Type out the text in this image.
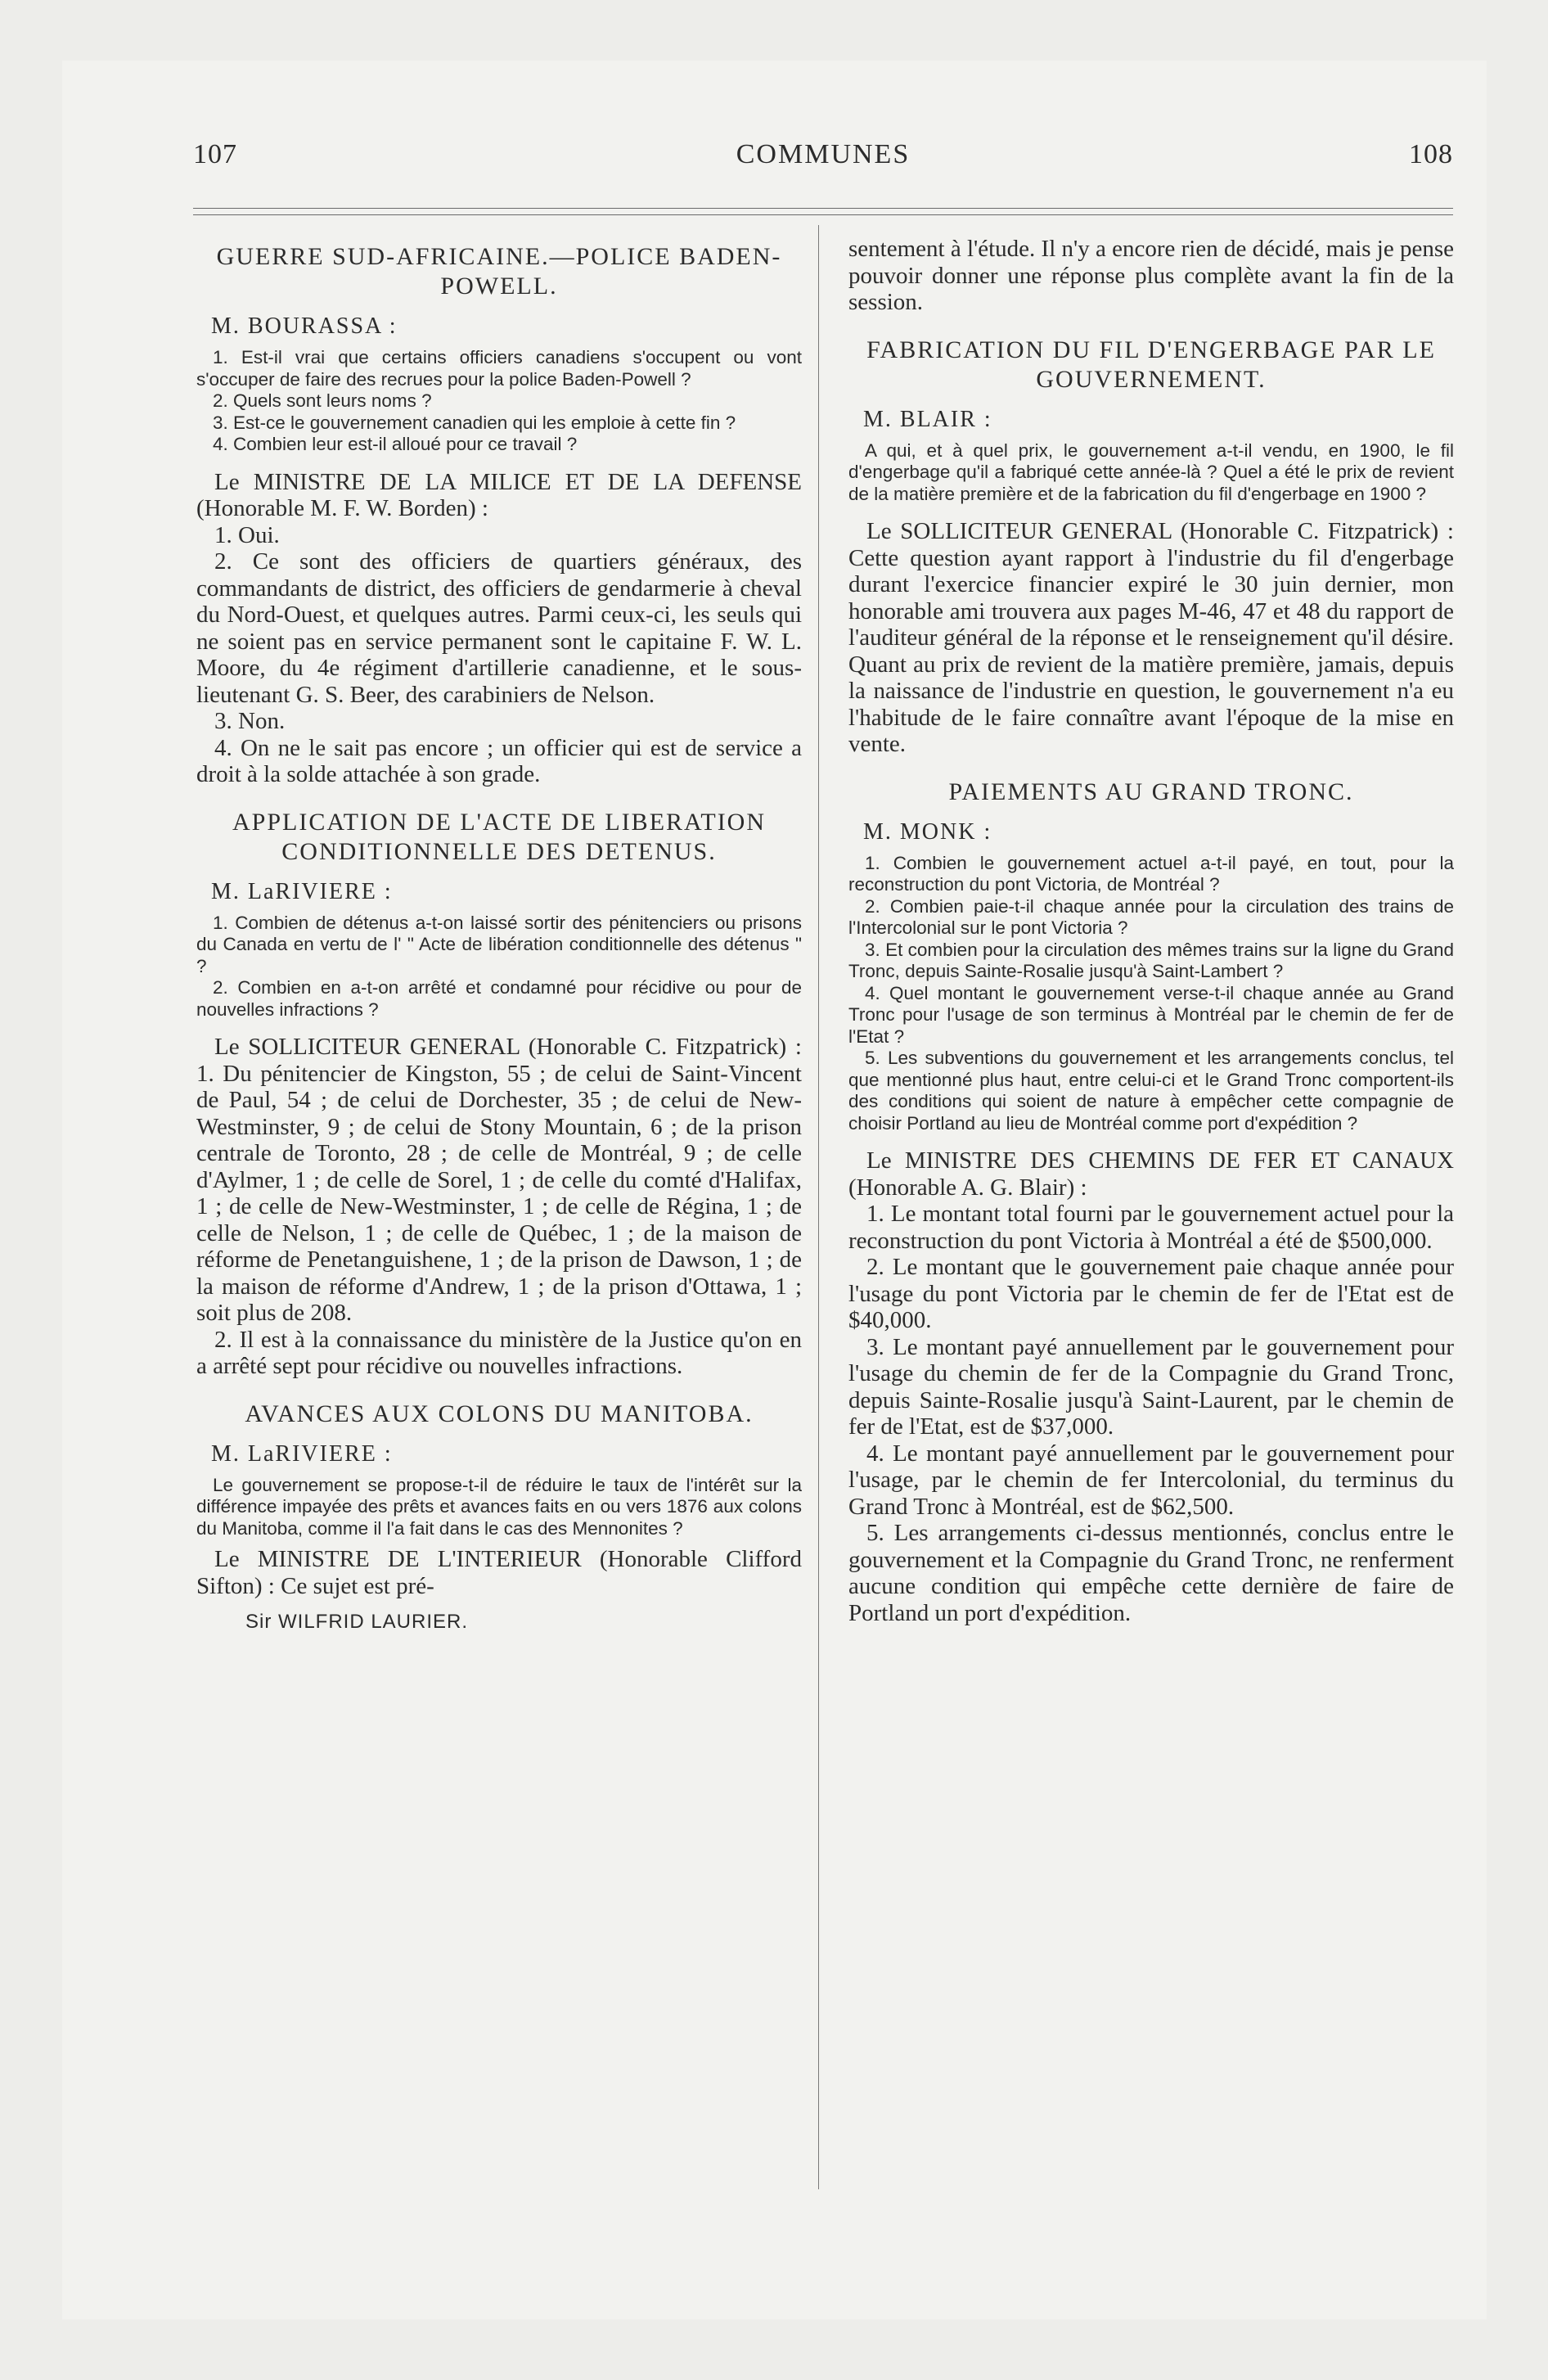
107	COMMUNES	108
GUERRE SUD-AFRICAINE.—POLICE BADEN-POWELL.
M. BOURASSA :

1. Est-il vrai que certains officiers canadiens s'occupent ou vont s'occuper de faire des recrues pour la police Baden-Powell ?

2. Quels sont leurs noms ?

3. Est-ce le gouvernement canadien qui les emploie à cette fin ?

4. Combien leur est-il alloué pour ce travail ?

Le MINISTRE DE LA MILICE ET DE LA DEFENSE (Honorable M. F. W. Borden) :

1. Oui.

2. Ce sont des officiers de quartiers généraux, des commandants de district, des officiers de gendarmerie à cheval du Nord-Ouest, et quelques autres. Parmi ceux-ci, les seuls qui ne soient pas en service permanent sont le capitaine F. W. L. Moore, du 4e régiment d'artillerie canadienne, et le sous-lieutenant G. S. Beer, des carabiniers de Nelson.

3. Non.

4. On ne le sait pas encore ; un officier qui est de service a droit à la solde attachée à son grade.

APPLICATION DE L'ACTE DE LIBERATION CONDITIONNELLE DES DETENUS.
M. LaRIVIERE :

1. Combien de détenus a-t-on laissé sortir des pénitenciers ou prisons du Canada en vertu de l' " Acte de libération conditionnelle des détenus " ?

2. Combien en a-t-on arrêté et condamné pour récidive ou pour de nouvelles infractions ?

Le SOLLICITEUR GENERAL (Honorable C. Fitzpatrick) : 1. Du pénitencier de Kingston, 55 ; de celui de Saint-Vincent de Paul, 54 ; de celui de Dorchester, 35 ; de celui de New-Westminster, 9 ; de celui de Stony Mountain, 6 ; de la prison centrale de Toronto, 28 ; de celle de Montréal, 9 ; de celle d'Aylmer, 1 ; de celle de Sorel, 1 ; de celle du comté d'Halifax, 1 ; de celle de New-Westminster, 1 ; de celle de Régina, 1 ; de celle de Nelson, 1 ; de celle de Québec, 1 ; de la maison de réforme de Penetanguishene, 1 ; de la prison de Dawson, 1 ; de la maison de réforme d'Andrew, 1 ; de la prison d'Ottawa, 1 ; soit plus de 208.

2. Il est à la connaissance du ministère de la Justice qu'on en a arrêté sept pour récidive ou nouvelles infractions.

AVANCES AUX COLONS DU MANITOBA.
M. LaRIVIERE :

Le gouvernement se propose-t-il de réduire le taux de l'intérêt sur la différence impayée des prêts et avances faits en ou vers 1876 aux colons du Manitoba, comme il l'a fait dans le cas des Mennonites ?

Le MINISTRE DE L'INTERIEUR (Honorable Clifford Sifton) : Ce sujet est pré-

Sir WILFRID LAURIER.

sentement à l'étude. Il n'y a encore rien de décidé, mais je pense pouvoir donner une réponse plus complète avant la fin de la session.

FABRICATION DU FIL D'ENGERBAGE PAR LE GOUVERNEMENT.
M. BLAIR :

A qui, et à quel prix, le gouvernement a-t-il vendu, en 1900, le fil d'engerbage qu'il a fabriqué cette année-là ? Quel a été le prix de revient de la matière première et de la fabrication du fil d'engerbage en 1900 ?

Le SOLLICITEUR GENERAL (Honorable C. Fitzpatrick) : Cette question ayant rapport à l'industrie du fil d'engerbage durant l'exercice financier expiré le 30 juin dernier, mon honorable ami trouvera aux pages M-46, 47 et 48 du rapport de l'auditeur général de la réponse et le renseignement qu'il désire. Quant au prix de revient de la matière première, jamais, depuis la naissance de l'industrie en question, le gouvernement n'a eu l'habitude de le faire connaître avant l'époque de la mise en vente.

PAIEMENTS AU GRAND TRONC.
M. MONK :

1. Combien le gouvernement actuel a-t-il payé, en tout, pour la reconstruction du pont Victoria, de Montréal ?

2. Combien paie-t-il chaque année pour la circulation des trains de l'Intercolonial sur le pont Victoria ?

3. Et combien pour la circulation des mêmes trains sur la ligne du Grand Tronc, depuis Sainte-Rosalie jusqu'à Saint-Lambert ?

4. Quel montant le gouvernement verse-t-il chaque année au Grand Tronc pour l'usage de son terminus à Montréal par le chemin de fer de l'Etat ?

5. Les subventions du gouvernement et les arrangements conclus, tel que mentionné plus haut, entre celui-ci et le Grand Tronc comportent-ils des conditions qui soient de nature à empêcher cette compagnie de choisir Portland au lieu de Montréal comme port d'expédition ?

Le MINISTRE DES CHEMINS DE FER ET CANAUX (Honorable A. G. Blair) :

1. Le montant total fourni par le gouvernement actuel pour la reconstruction du pont Victoria à Montréal a été de $500,000.

2. Le montant que le gouvernement paie chaque année pour l'usage du pont Victoria par le chemin de fer de l'Etat est de $40,000.

3. Le montant payé annuellement par le gouvernement pour l'usage du chemin de fer de la Compagnie du Grand Tronc, depuis Sainte-Rosalie jusqu'à Saint-Laurent, par le chemin de fer de l'Etat, est de $37,000.

4. Le montant payé annuellement par le gouvernement pour l'usage, par le chemin de fer Intercolonial, du terminus du Grand Tronc à Montréal, est de $62,500.

5. Les arrangements ci-dessus mentionnés, conclus entre le gouvernement et la Compagnie du Grand Tronc, ne renferment aucune condition qui empêche cette dernière de faire de Portland un port d'expédition.
